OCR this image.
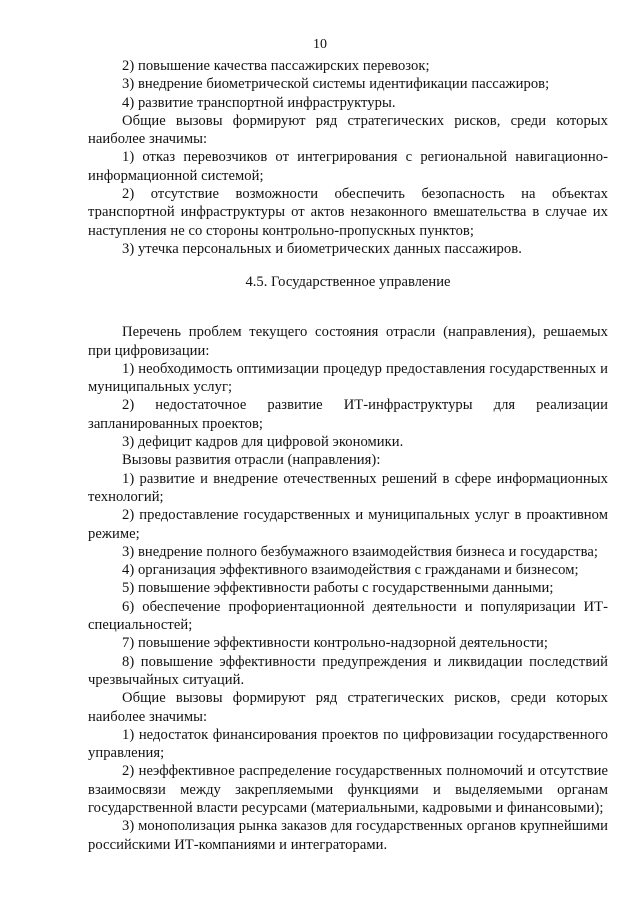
10

2) повышение качества пассажирских перевозок;

3) внедрение биометрической системы идентификации пассажиров;

4) развитие транспортной инфраструктуры.

Общие вызовы формируют ряд стратегических рисков, среди которых наиболее значимы:

1) отказ перевозчиков от интегрирования с региональной навигационно-информационной системой;

2) отсутствие возможности обеспечить безопасность на объектах транспортной инфраструктуры от актов незаконного вмешательства в случае их наступления не со стороны контрольно-пропускных пунктов;

3) утечка персональных и биометрических данных пассажиров.

4.5. Государственное управление

Перечень проблем текущего состояния отрасли (направления), решаемых при цифровизации:

1) необходимость оптимизации процедур предоставления государственных и муниципальных услуг;

2) недостаточное развитие ИТ-инфраструктуры для реализации запланированных проектов;

3) дефицит кадров для цифровой экономики.

Вызовы развития отрасли (направления):

1) развитие и внедрение отечественных решений в сфере информационных технологий;

2) предоставление государственных и муниципальных услуг в проактивном режиме;

3) внедрение полного безбумажного взаимодействия бизнеса и государства;

4) организация эффективного взаимодействия с гражданами и бизнесом;

5) повышение эффективности работы с государственными данными;

6) обеспечение профориентационной деятельности и популяризации ИТ-специальностей;

7) повышение эффективности контрольно-надзорной деятельности;

8) повышение эффективности предупреждения и ликвидации последствий чрезвычайных ситуаций.

Общие вызовы формируют ряд стратегических рисков, среди которых наиболее значимы:

1) недостаток финансирования проектов по цифровизации государственного управления;

2) неэффективное распределение государственных полномочий и отсутствие взаимосвязи между закрепляемыми функциями и выделяемыми органам государственной власти ресурсами (материальными, кадровыми и финансовыми);

3) монополизация рынка заказов для государственных органов крупнейшими российскими ИТ-компаниями и интеграторами.
